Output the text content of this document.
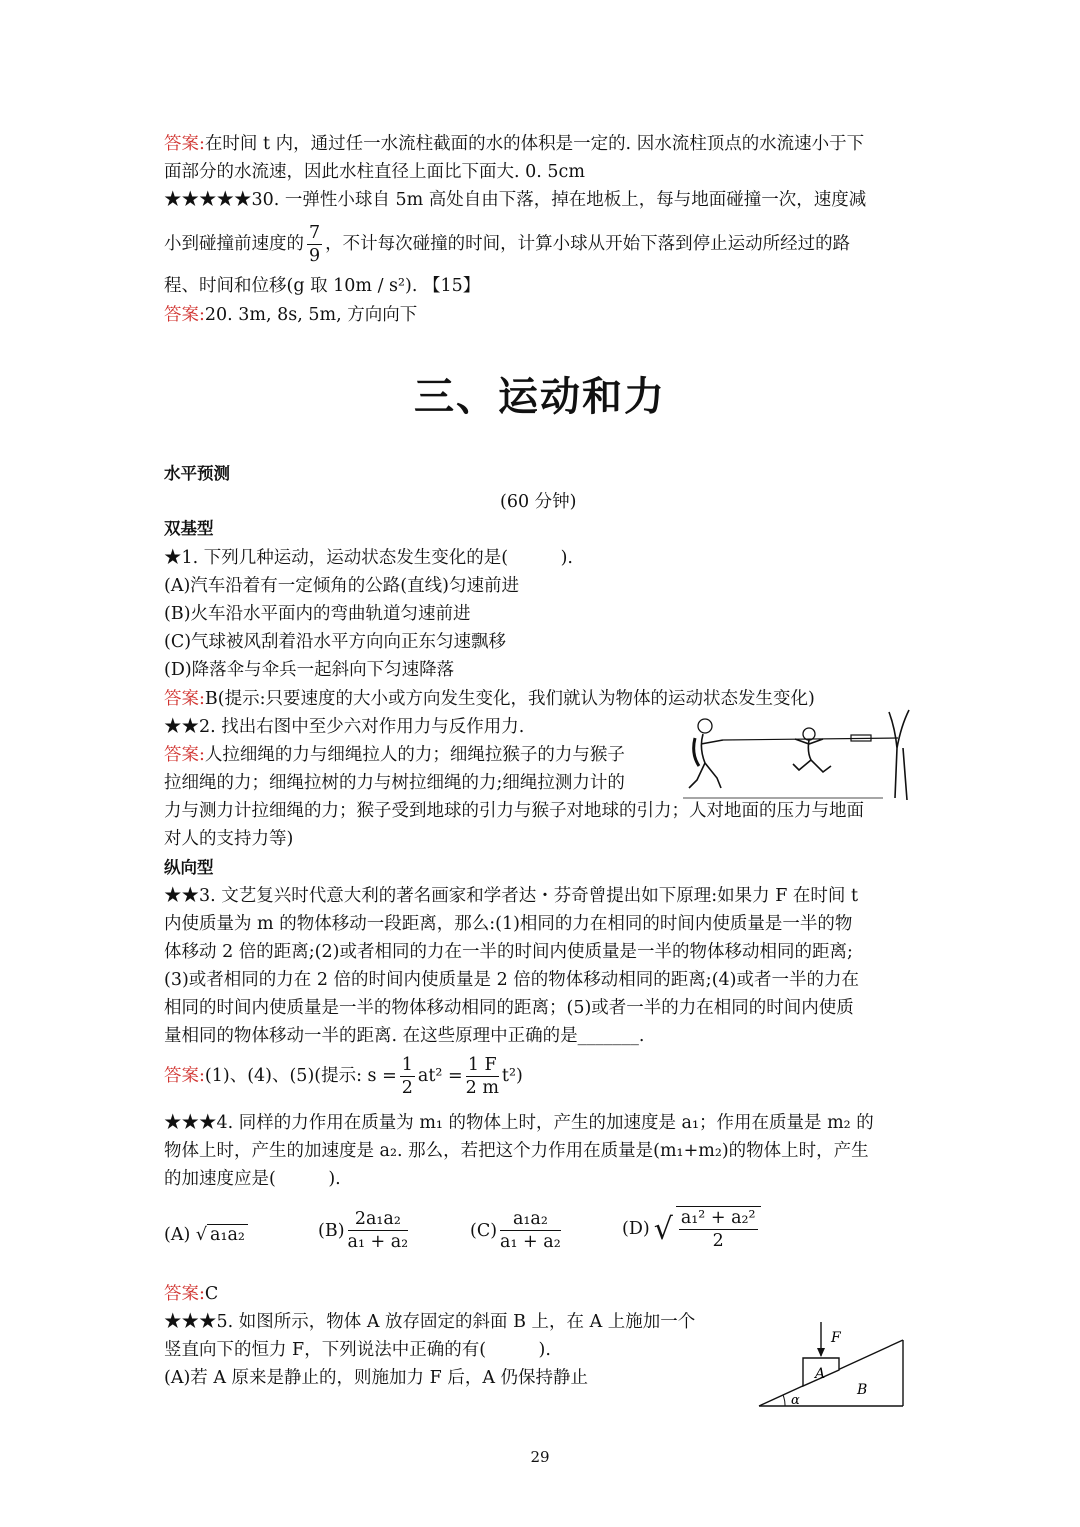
答案:在时间 t 内，通过任一水流柱截面的水的体积是一定的. 因水流柱顶点的水流速小于下
面部分的水流速，因此水柱直径上面比下面大. 0. 5cm
★★★★★30. 一弹性小球自 5m 高处自由下落，掉在地板上，每与地面碰撞一次，速度减
小到碰撞前速度的 $\frac{7}{9}$ ，不计每次碰撞的时间，计算小球从开始下落到停止运动所经过的路
程、时间和位移(g 取 10m / s²). 【15】
答案:20. 3m, 8s, 5m, 方向向下
三、运动和力
水平预测
(60 分钟)
双基型
★1. 下列几种运动，运动状态发生变化的是(　　　).
(A)汽车沿着有一定倾角的公路(直线)匀速前进
(B)火车沿水平面内的弯曲轨道匀速前进
(C)气球被风刮着沿水平方向向正东匀速飘移
(D)降落伞与伞兵一起斜向下匀速降落
答案:B(提示:只要速度的大小或方向发生变化，我们就认为物体的运动状态发生变化)
★★2. 找出右图中至少六对作用力与反作用力.
答案:人拉细绳的力与细绳拉人的力；细绳拉猴子的力与猴子
拉细绳的力；细绳拉树的力与树拉细绳的力;细绳拉测力计的
力与测力计拉细绳的力；猴子受到地球的引力与猴子对地球的引力；人对地面的压力与地面
对人的支持力等)
纵向型
★★3. 文艺复兴时代意大利的著名画家和学者达・芬奇曾提出如下原理:如果力 F 在时间 t
内使质量为 m 的物体移动一段距离，那么:(1)相同的力在相同的时间内使质量是一半的物
体移动 2 倍的距离;(2)或者相同的力在一半的时间内使质量是一半的物体移动相同的距离;
(3)或者相同的力在 2 倍的时间内使质量是 2 倍的物体移动相同的距离;(4)或者一半的力在
相同的时间内使质量是一半的物体移动相同的距离；(5)或者一半的力在相同的时间内使质
量相同的物体移动一半的距离. 在这些原理中正确的是_______.
答案:(1)、(4)、(5)(提示: $s = \frac{1}{2} at^2 = \frac{1 F}{2 m} t^2$)
★★★4. 同样的力作用在质量为 m₁ 的物体上时，产生的加速度是 a₁；作用在质量是 m₂ 的
物体上时，产生的加速度是 a₂. 那么，若把这个力作用在质量是(m₁+m₂)的物体上时，产生
的加速度应是(　　　).
(A) √ a₁a₂	$(B) \frac{\text{2a₁a₂}}{\text{a₁ + a₂}}$	$(C) \frac{\text{a₁a₂}}{\text{a₁ + a₂}}$	(D) √ $\frac{\text{a₁² + a₂²}}{2}$
答案:C
★★★5. 如图所示，物体 A 放存固定的斜面 B 上，在 A 上施加一个
竖直向下的恒力 F，下列说法中正确的有(　　　).
(A)若 A 原来是静止的，则施加力 F 后，A 仍保持静止
F
A
B
α
29
